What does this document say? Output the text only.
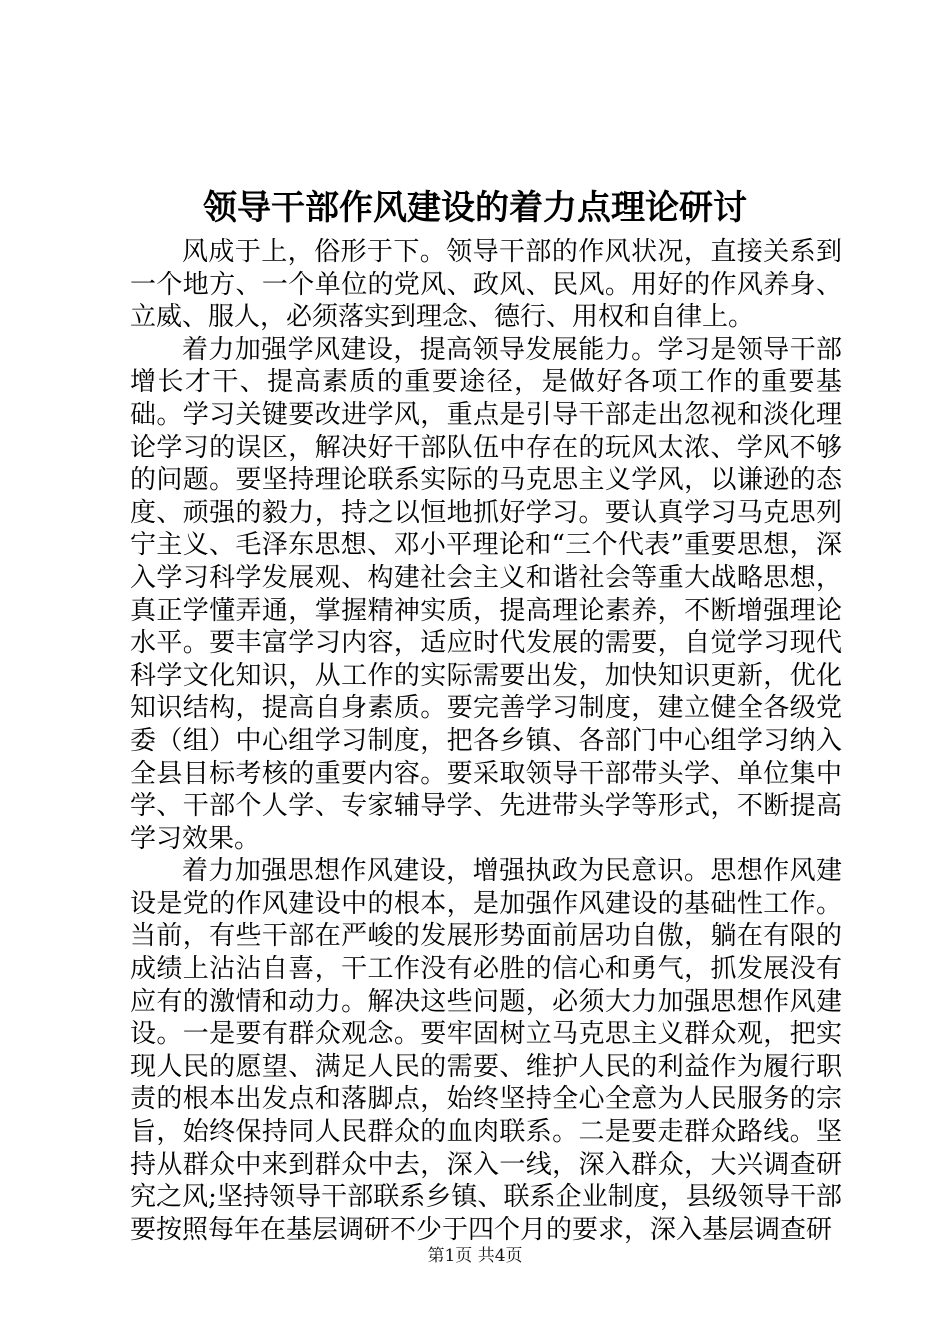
领导干部作风建设的着力点理论研讨

风成于上，俗形于下。领导干部的作风状况，直接关系到一个地方、一个单位的党风、政风、民风。用好的作风养身、立威、服人，必须落实到理念、德行、用权和自律上。

着力加强学风建设，提高领导发展能力。学习是领导干部增长才干、提高素质的重要途径，是做好各项工作的重要基础。学习关键要改进学风，重点是引导干部走出忽视和淡化理论学习的误区，解决好干部队伍中存在的玩风太浓、学风不够的问题。要坚持理论联系实际的马克思主义学风，以谦逊的态度、顽强的毅力，持之以恒地抓好学习。要认真学习马克思列宁主义、毛泽东思想、邓小平理论和“三个代表”重要思想，深入学习科学发展观、构建社会主义和谐社会等重大战略思想，真正学懂弄通，掌握精神实质，提高理论素养，不断增强理论水平。要丰富学习内容，适应时代发展的需要，自觉学习现代科学文化知识，从工作的实际需要出发，加快知识更新，优化知识结构，提高自身素质。要完善学习制度，建立健全各级党委（组）中心组学习制度，把各乡镇、各部门中心组学习纳入全县目标考核的重要内容。要采取领导干部带头学、单位集中学、干部个人学、专家辅导学、先进带头学等形式，不断提高学习效果。

着力加强思想作风建设，增强执政为民意识。思想作风建设是党的作风建设中的根本，是加强作风建设的基础性工作。当前，有些干部在严峻的发展形势面前居功自傲，躺在有限的成绩上沾沾自喜，干工作没有必胜的信心和勇气，抓发展没有应有的激情和动力。解决这些问题，必须大力加强思想作风建设。一是要有群众观念。要牢固树立马克思主义群众观，把实现人民的愿望、满足人民的需要、维护人民的利益作为履行职责的根本出发点和落脚点，始终坚持全心全意为人民服务的宗旨，始终保持同人民群众的血肉联系。二是要走群众路线。坚持从群众中来到群众中去，深入一线，深入群众，大兴调查研究之风;坚持领导干部联系乡镇、联系企业制度，县级领导干部要按照每年在基层调研不少于四个月的要求，深入基层调查研

第1页 共4页
